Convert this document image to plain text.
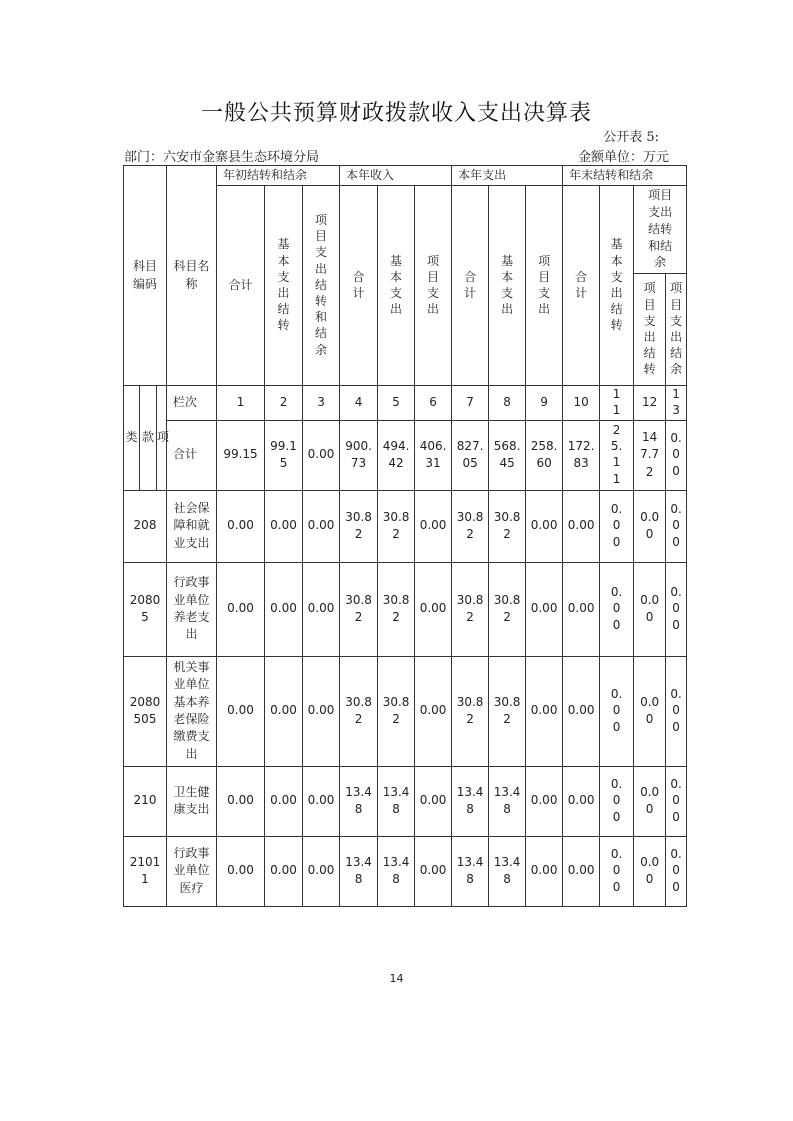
一般公共预算财政拨款收入支出决算表
公开表 5:
部门：六安市金寨县生态环境分局	金额单位：万元
科目编码			科目名称	年初结转和结余			本年收入			本年支出			年末结转和结余			
				合计	基本支出结转	项目支出结转和结余	合计	基本支出	项目支出	合计	基本支出	项目支出	合计	基本支出结转	项目支出结转和结余	
															项目支出结转	项目支出结余
类	款	项	栏次	1	2	3	4	5	6	7	8	9	10	11	12	13
			合计	99.15	99.15	0.00	900.73	494.42	406.31	827.05	568.45	258.60	172.83	25.11	147.72	0.00
208			社会保障和就业支出	0.00	0.00	0.00	30.82	30.82	0.00	30.82	30.82	0.00	0.00	0.00	0.00	0.00
20805			行政事业单位养老支出	0.00	0.00	0.00	30.82	30.82	0.00	30.82	30.82	0.00	0.00	0.00	0.00	0.00
2080505			机关事业单位基本养老保险缴费支出	0.00	0.00	0.00	30.82	30.82	0.00	30.82	30.82	0.00	0.00	0.00	0.00	0.00
210			卫生健康支出	0.00	0.00	0.00	13.48	13.48	0.00	13.48	13.48	0.00	0.00	0.00	0.00	0.00
21011			行政事业单位医疗	0.00	0.00	0.00	13.48	13.48	0.00	13.48	13.48	0.00	0.00	0.00	0.00	0.00
14
